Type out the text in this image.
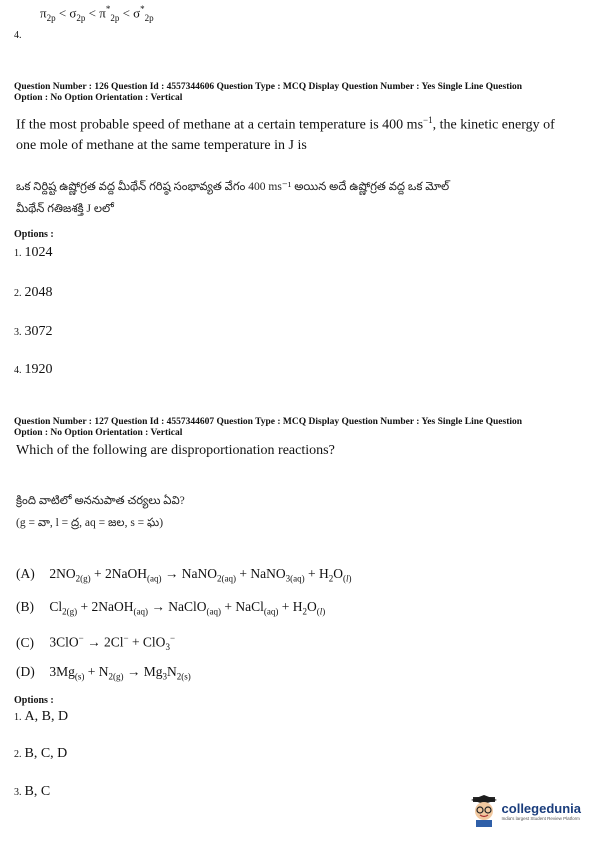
$\pi_{2p} < \sigma_{2p} < \pi^*_{2p} < \sigma^*_{2p}$
4.
Question Number : 126 Question Id : 4557344606 Question Type : MCQ Display Question Number : Yes Single Line Question
Option : No Option Orientation : Vertical
If the most probable speed of methane at a certain temperature is 400 $ms^{-1}$, the kinetic energy of one mole of methane at the same temperature in J is
ఒక నిర్దిష్ట ఉష్ణోగ్రత వద్ద మీథేన్ గరిష్ఠ సంభావ్యత వేగం 400 ms⁻¹ అయిన అదే ఉష్ణోగ్రత వద్ద ఒక మోల్
మీథేన్ గతిజశక్తి J లలో
Options :
1. 1024
2. 2048
3. 3072
4. 1920
Question Number : 127 Question Id : 4557344607 Question Type : MCQ Display Question Number : Yes Single Line Question
Option : No Option Orientation : Vertical
Which of the following are disproportionation reactions?
క్రింది వాటిలో అననుపాత చర్యలు ఏవి?
(g = వా, l = ద్ర, aq = జల, s = ఘ)
(A) $2NO_{2(g)}$ + 2NaOH$_{(aq)}$ → NaNO$_{2(aq)}$ + NaNO$_{3(aq)}$ + $H_2O_{(l)}$
(B) $Cl_{2(g)}$ + 2NaOH$_{(aq)}$ → NaClO$_{(aq)}$ + NaCl$_{(aq)}$ + $H_2O_{(l)}$
(C) 3ClO− → 2Cl− + ClO$_3$−
(D) $3Mg_{(s)} + N_{2(g)} \to Mg_3N_{2(s)}$
Options :
1. A, B, D
2. B, C, D
3. B, C
collegedunia
India's largest Student Review Platform
